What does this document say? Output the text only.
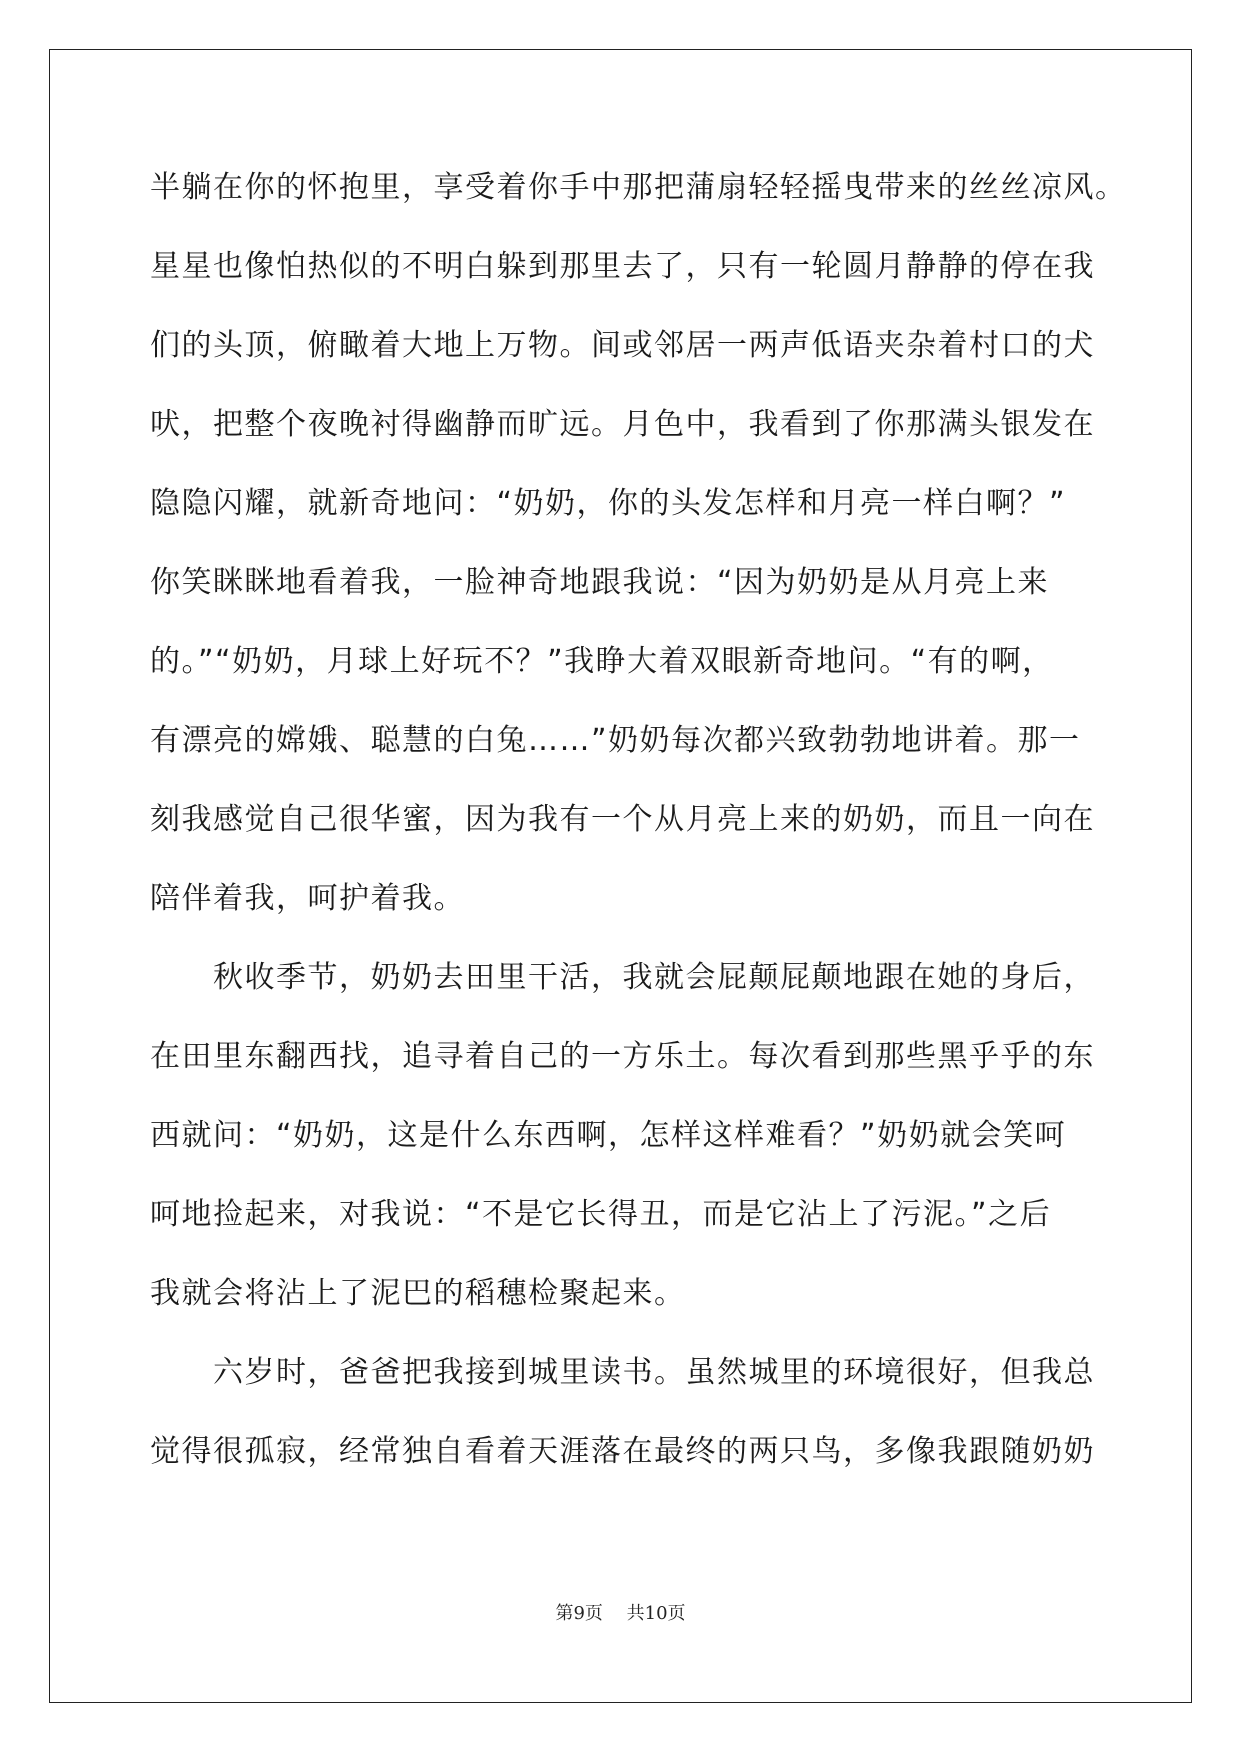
半躺在你的怀抱里，享受着你手中那把蒲扇轻轻摇曳带来的丝丝凉风。
星星也像怕热似的不明白躲到那里去了，只有一轮圆月静静的停在我
们的头顶，俯瞰着大地上万物。间或邻居一两声低语夹杂着村口的犬
吠，把整个夜晚衬得幽静而旷远。月色中，我看到了你那满头银发在
隐隐闪耀，就新奇地问：“奶奶，你的头发怎样和月亮一样白啊？”
你笑眯眯地看着我，一脸神奇地跟我说：“因为奶奶是从月亮上来
的。”“奶奶，月球上好玩不？”我睁大着双眼新奇地问。“有的啊，
有漂亮的嫦娥、聪慧的白兔……”奶奶每次都兴致勃勃地讲着。那一
刻我感觉自己很华蜜，因为我有一个从月亮上来的奶奶，而且一向在
陪伴着我，呵护着我。
　　秋收季节，奶奶去田里干活，我就会屁颠屁颠地跟在她的身后，
在田里东翻西找，追寻着自己的一方乐土。每次看到那些黑乎乎的东
西就问：“奶奶，这是什么东西啊，怎样这样难看？”奶奶就会笑呵
呵地捡起来，对我说：“不是它长得丑，而是它沾上了污泥。”之后
我就会将沾上了泥巴的稻穗检聚起来。
　　六岁时，爸爸把我接到城里读书。虽然城里的环境很好，但我总
觉得很孤寂，经常独自看着天涯落在最终的两只鸟，多像我跟随奶奶
第9页　 共10页
